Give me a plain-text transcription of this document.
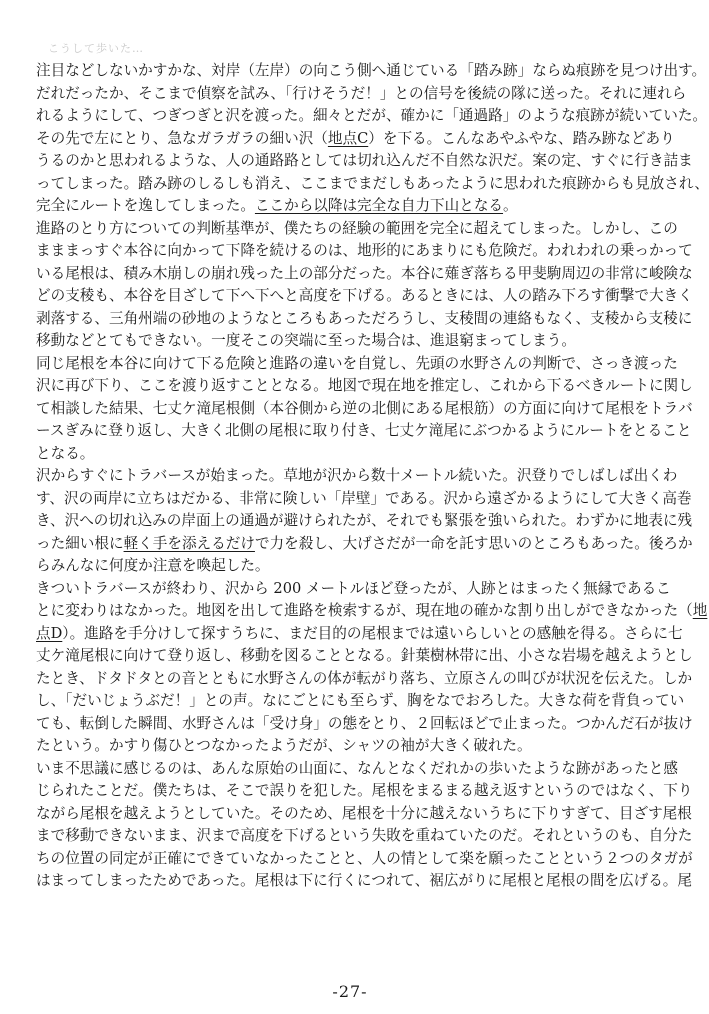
こうして歩いた…
注目などしないかすかな、対岸（左岸）の向こう側へ通じている「踏み跡」ならぬ痕跡を見つけ出す。
だれだったか、そこまで偵察を試み、「行けそうだ！」との信号を後続の隊に送った。それに連れら
れるようにして、つぎつぎと沢を渡った。細々とだが、確かに「通過路」のような痕跡が続いていた。
その先で左にとり、急なガラガラの細い沢（地点C）を下る。こんなあやふやな、踏み跡などあり
うるのかと思われるような、人の通路路としては切れ込んだ不自然な沢だ。案の定、すぐに行き詰ま
ってしまった。踏み跡のしるしも消え、ここまでまだしもあったように思われた痕跡からも見放され、
完全にルートを逸してしまった。ここから以降は完全な自力下山となる。
進路のとり方についての判断基準が、僕たちの経験の範囲を完全に超えてしまった。しかし、この
まままっすぐ本谷に向かって下降を続けるのは、地形的にあまりにも危険だ。われわれの乗っかって
いる尾根は、積み木崩しの崩れ残った上の部分だった。本谷に薙ぎ落ちる甲斐駒周辺の非常に峻険な
どの支稜も、本谷を目ざして下へ下へと高度を下げる。あるときには、人の踏み下ろす衝撃で大きく
剥落する、三角州端の砂地のようなところもあっただろうし、支稜間の連絡もなく、支稜から支稜に
移動などとてもできない。一度そこの突端に至った場合は、進退窮まってしまう。
同じ尾根を本谷に向けて下る危険と進路の違いを自覚し、先頭の水野さんの判断で、さっき渡った
沢に再び下り、ここを渡り返すこととなる。地図で現在地を推定し、これから下るべきルートに関し
て相談した結果、七丈ケ滝尾根側（本谷側から逆の北側にある尾根筋）の方面に向けて尾根をトラバ
ースぎみに登り返し、大きく北側の尾根に取り付き、七丈ケ滝尾にぶつかるようにルートをとること
となる。
沢からすぐにトラバースが始まった。草地が沢から数十メートル続いた。沢登りでしばしば出くわ
す、沢の両岸に立ちはだかる、非常に険しい「岸壁」である。沢から遠ざかるようにして大きく高巻
き、沢への切れ込みの岸面上の通過が避けられたが、それでも緊張を強いられた。わずかに地表に残
った細い根に軽く手を添えるだけで力を殺し、大げさだが一命を託す思いのところもあった。後ろか
らみんなに何度か注意を喚起した。
きついトラバースが終わり、沢から 200 メートルほど登ったが、人跡とはまったく無縁であるこ
とに変わりはなかった。地図を出して進路を検索するが、現在地の確かな割り出しができなかった（地
点D）。進路を手分けして探すうちに、まだ目的の尾根までは遠いらしいとの感触を得る。さらに七
丈ケ滝尾根に向けて登り返し、移動を図ることとなる。針葉樹林帯に出、小さな岩場を越えようとし
たとき、ドタドタとの音とともに水野さんの体が転がり落ち、立原さんの叫びが状況を伝えた。しか
し、「だいじょうぶだ！」との声。なにごとにも至らず、胸をなでおろした。大きな荷を背負ってい
ても、転倒した瞬間、水野さんは「受け身」の態をとり、２回転ほどで止まった。つかんだ石が抜け
たという。かすり傷ひとつなかったようだが、シャツの袖が大きく破れた。
いま不思議に感じるのは、あんな原始の山面に、なんとなくだれかの歩いたような跡があったと感
じられたことだ。僕たちは、そこで誤りを犯した。尾根をまるまる越え返すというのではなく、下り
ながら尾根を越えようとしていた。そのため、尾根を十分に越えないうちに下りすぎて、目ざす尾根
まで移動できないまま、沢まで高度を下げるという失敗を重ねていたのだ。それというのも、自分た
ちの位置の同定が正確にできていなかったことと、人の情として楽を願ったことという２つのタガが
はまってしまったためであった。尾根は下に行くにつれて、裾広がりに尾根と尾根の間を広げる。尾
-27-
